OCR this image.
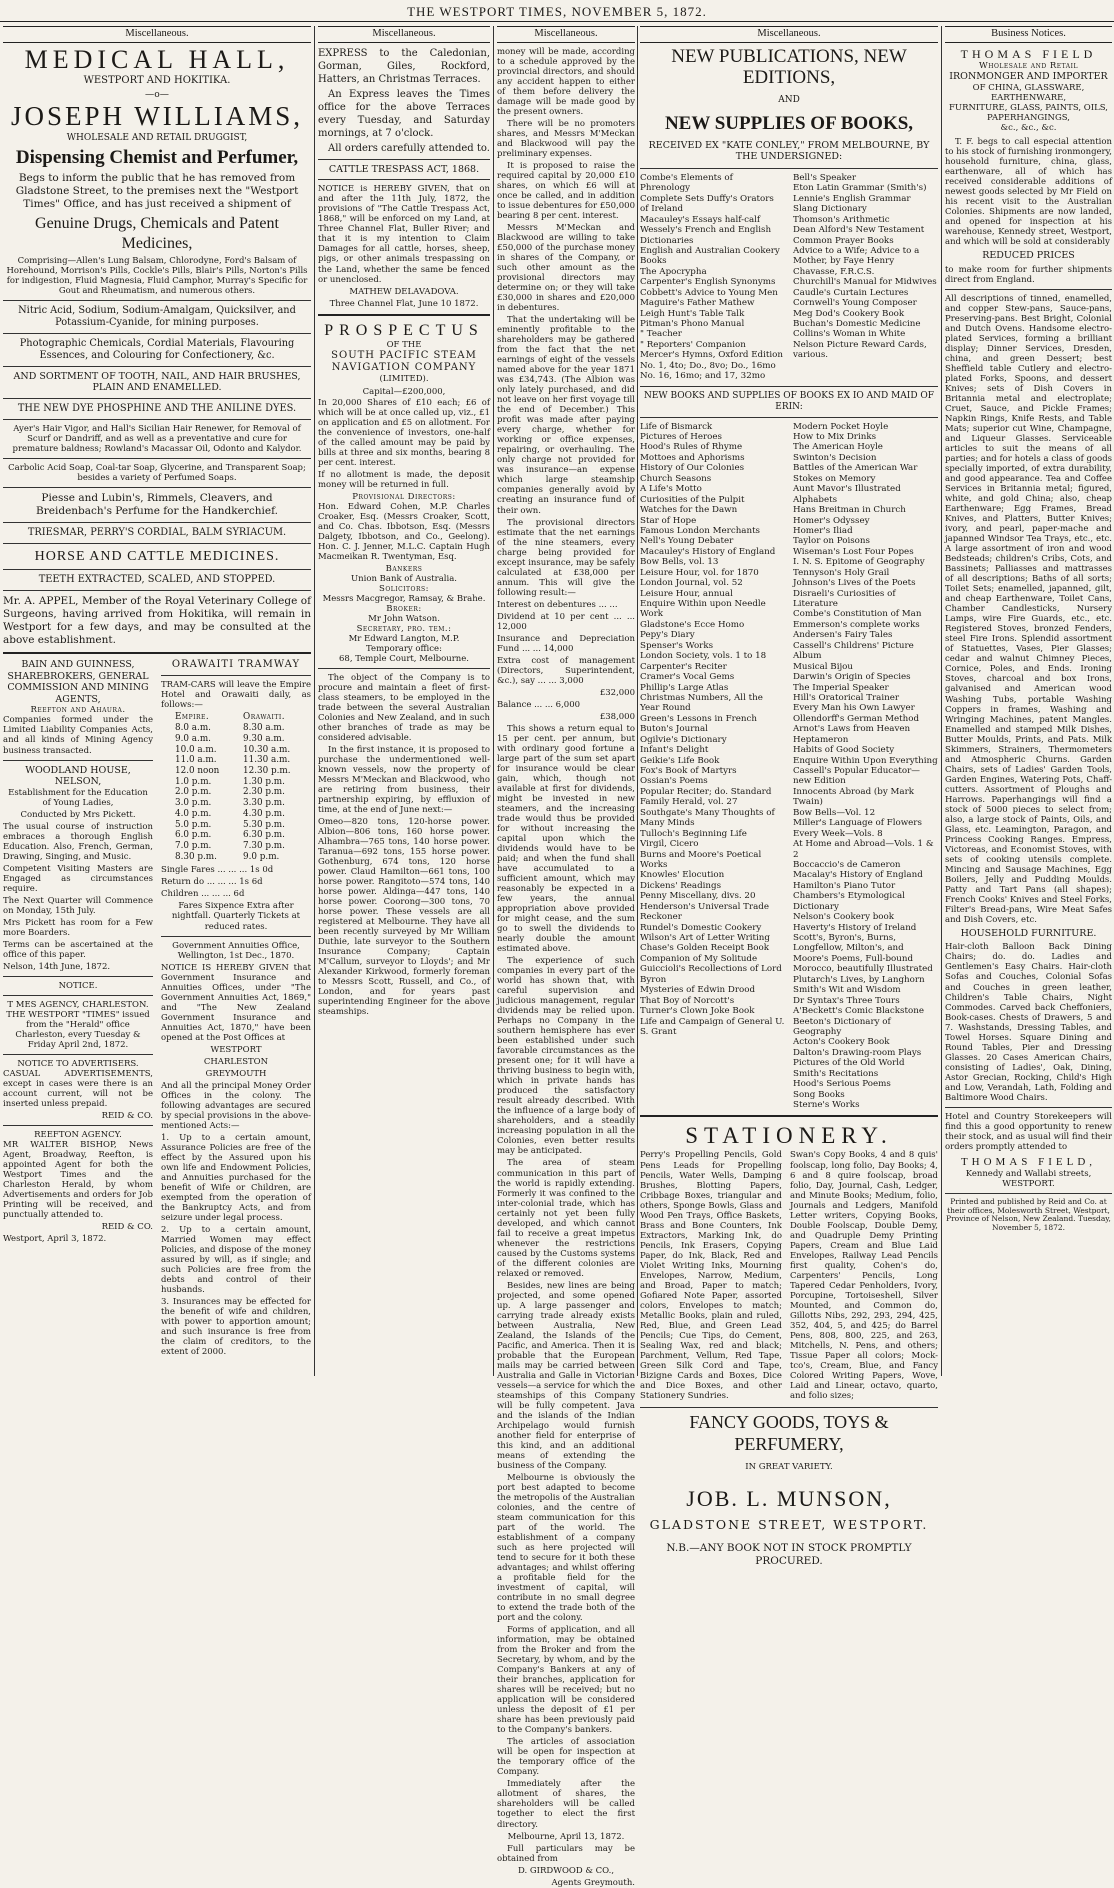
THE WESTPORT TIMES, NOVEMBER 5, 1872.
Miscellaneous.
MEDICAL HALL,
WESTPORT AND HOKITIKA.
—o—
JOSEPH WILLIAMS,
WHOLESALE AND RETAIL DRUGGIST,
Dispensing Chemist and Perfumer,

Begs to inform the public that he has removed from Gladstone Street, to the premises next the "Westport Times" Office, and has just received a shipment of

Genuine Drugs, Chemicals and Patent Medicines,

Comprising—Allen's Lung Balsam, Chlorodyne, Ford's Balsam of Horehound, Morrison's Pills, Cockle's Pills, Blair's Pills, Norton's Pills for indigestion, Fluid Magnesia, Fluid Camphor, Murray's Specific for Gout and Rheumatism, and numerous others.

Nitric Acid, Sodium, Sodium-Amalgam, Quicksilver, and Potassium-Cyanide, for mining purposes.

Photographic Chemicals, Cordial Materials, Flavouring Essences, and Colouring for Confectionery, &c.

AND SORTMENT OF TOOTH, NAIL, AND HAIR BRUSHES, PLAIN AND ENAMELLED.

THE NEW DYE PHOSPHINE AND THE ANILINE DYES.

Ayer's Hair Vigor, and Hall's Sicilian Hair Renewer, for Removal of Scurf or Dandriff, and as well as a preventative and cure for premature baldness; Rowland's Macassar Oil, Odonto and Kalydor.

Carbolic Acid Soap, Coal-tar Soap, Glycerine, and Transparent Soap; besides a variety of Perfumed Soaps.

Piesse and Lubin's, Rimmels, Cleavers, and Breidenbach's Perfume for the Handkerchief.

TRIESMAR, PERRY'S CORDIAL, BALM SYRIACUM.

HORSE AND CATTLE MEDICINES.

TEETH EXTRACTED, SCALED, AND STOPPED.

Mr. A. APPEL, Member of the Royal Veterinary College of Surgeons, having arrived from Hokitika, will remain in Westport for a few days, and may be consulted at the above establishment.

BAIN AND GUINNESS, SHAREBROKERS, GENERAL COMMISSION AND MINING AGENTS,
Reefton and Ahaura.

Companies formed under the Limited Liability Companies Acts, and all kinds of Mining Agency business transacted.

WOODLAND HOUSE, NELSON,

Establishment for the Education of Young Ladies,

Conducted by Mrs Pickett.

The usual course of instruction embraces a thorough English Education. Also, French, German, Drawing, Singing, and Music.

Competent Visiting Masters are Engaged as circumstances require.

The Next Quarter will Commence on Monday, 15th July.

Mrs Pickett has room for a Few more Boarders.

Terms can be ascertained at the office of this paper.

Nelson, 14th June, 1872.

NOTICE.
T MES AGENCY, CHARLESTON.

THE WESTPORT "TIMES" issued from the "Herald" office Charleston, every Tuesday & Friday April 2nd, 1872.

NOTICE TO ADVERTISERS.

CASUAL ADVERTISEMENTS, except in cases were there is an account current, will not be inserted unless prepaid.

REID & CO.

REEFTON AGENCY.

MR WALTER BISHOP, News Agent, Broadway, Reefton, is appointed Agent for both the Westport Times and the Charleston Herald, by whom Advertisements and orders for Job Printing will be received, and punctually attended to.

REID & CO.

Westport, April 3, 1872.

ORAWAITI TRAMWAY

TRAM-CARS will leave the Empire Hotel and Orawaiti daily, as follows:—

Empire.	Orawaiti.
8.0 a.m.	8.30 a.m.
9.0 a.m.	9.30 a.m.
10.0 a.m.	10.30 a.m.
11.0 a.m.	11.30 a.m.
12.0 noon	12.30 p.m.
1.0 p.m.	1.30 p.m.
2.0 p.m.	2.30 p.m.
3.0 p.m.	3.30 p.m.
4.0 p.m.	4.30 p.m.
5.0 p.m.	5.30 p.m.
6.0 p.m.	6.30 p.m.
7.0 p.m.	7.30 p.m.
8.30 p.m.	9.0 p.m.

Single Fares ... ... ... 1s 0d

Return do ... ... ... 1s 6d

Children ... ... ... 6d

Fares Sixpence Extra after nightfall. Quarterly Tickets at reduced rates.

Government Annuities Office, Wellington, 1st Dec., 1870.

NOTICE IS HEREBY GIVEN that Government Insurance and Annuities Offices, under "The Government Annuities Act, 1869," and "The New Zealand Government Insurance and Annuities Act, 1870," have been opened at the Post Offices at

WESTPORT

CHARLESTON

GREYMOUTH

And all the principal Money Order Offices in the colony. The following advantages are secured by special provisions in the above-mentioned Acts:—

1. Up to a certain amount, Assurance Policies are free of the effect by the Assured upon his own life and Endowment Policies, and Annuities purchased for the benefit of Wife or Children, are exempted from the operation of the Bankruptcy Acts, and from seizure under legal process.

2. Up to a certain amount, Married Women may effect Policies, and dispose of the money assured by will, as if single; and such Policies are free from the debts and control of their husbands.

3. Insurances may be effected for the benefit of wife and children, with power to apportion amount; and such insurance is free from the claim of creditors, to the extent of 2000.

Miscellaneous.

EXPRESS to the Caledonian, Gorman, Giles, Rockford, Hatters, an Christmas Terraces.

An Express leaves the Times office for the above Terraces every Tuesday, and Saturday mornings, at 7 o'clock.

All orders carefully attended to.

CATTLE TRESPASS ACT, 1868.

NOTICE is HEREBY GIVEN, that on and after the 11th July, 1872, the provisions of "The Cattle Trespass Act, 1868," will be enforced on my Land, at Three Channel Flat, Buller River; and that it is my intention to Claim Damages for all cattle, horses, sheep, pigs, or other animals trespassing on the Land, whether the same be fenced or unenclosed.

MATHEW DELAVADOVA.

Three Channel Flat, June 10 1872.

PROSPECTUS
OF THE
SOUTH PACIFIC STEAM NAVIGATION COMPANY
(LIMITED).
Capital—£200,000,

In 20,000 Shares of £10 each; £6 of which will be at once called up, viz., £1 on application and £5 on allotment. For the convenience of investors, one-half of the called amount may be paid by bills at three and six months, bearing 8 per cent. interest.

If no allotment is made, the deposit money will be returned in full.

Provisional Directors:

Hon. Edward Cohen, M.P. Charles Croaker, Esq. (Messrs Croaker, Scott, and Co. Chas. Ibbotson, Esq. (Messrs Dalgety, Ibbotson, and Co., Geelong). Hon. C. J. Jenner, M.L.C. Captain Hugh Macmeikan R. Twentyman, Esq.

Bankers
Union Bank of Australia.
Solicitors:
Messrs Macgregor, Ramsay, & Brahe.
Broker:
Mr John Watson.
Secretary, pro. tem.:
Mr Edward Langton, M.P.
Temporary office:
68, Temple Court, Melbourne.

The object of the Company is to procure and maintain a fleet of first-class steamers, to be employed in the trade between the several Australian Colonies and New Zealand, and in such other branches of trade as may be considered advisable.

In the first instance, it is proposed to purchase the undermentioned well-known vessels, now the property of Messrs M'Meckan and Blackwood, who are retiring from business, their partnership expiring, by effluxion of time, at the end of June next:—

Omeo—820 tons, 120-horse power. Albion—806 tons, 160 horse power. Alhambra—765 tons, 140 horse power. Taranua—692 tons, 155 horse power. Gothenburg, 674 tons, 120 horse power. Claud Hamilton—661 tons, 100 horse power. Rangitoto—574 tons, 140 horse power. Aldinga—447 tons, 140 horse power. Coorong—300 tons, 70 horse power. These vessels are all registered at Melbourne. They have all been recently surveyed by Mr William Duthie, late surveyor to the Southern Insurance Company; Captain M'Callum, surveyor to Lloyds'; and Mr Alexander Kirkwood, formerly foreman to Messrs Scott, Russell, and Co., of London, and for years past superintending Engineer for the above steamships.

Miscellaneous.

money will be made, according to a schedule approved by the provincial directors, and should any accident happen to either of them before delivery the damage will be made good by the present owners.

There will be no promoters shares, and Messrs M'Meckan and Blackwood will pay the preliminary expenses.

It is proposed to raise the required capital by 20,000 £10 shares, on which £6 will at once be called, and in addition to issue debentures for £50,000 bearing 8 per cent. interest.

Messrs M'Meckan and Blackwood are willing to take £50,000 of the purchase money in shares of the Company, or such other amount as the provisional directors may determine on; or they will take £30,000 in shares and £20,000 in debentures.

That the undertaking will be eminently profitable to the shareholders may be gathered from the fact that the net earnings of eight of the vessels named above for the year 1871 was £34,743. (The Albion was only lately purchased, and did not leave on her first voyage till the end of December.) This profit was made after paying every charge, whether for working or office expenses, repairing, or overhauling. The only charge not provided for was insurance—an expense which large steamship companies generally avoid by creating an insurance fund of their own.

The provisional directors estimate that the net earnings of the nine steamers, every charge being provided for except insurance, may be safely calculated at £38,000 per annum. This will give the following result:—

Interest on debentures ... ...

Dividend at 10 per cent ... ... 12,000

Insurance and Depreciation Fund ... ... 14,000

Extra cost of management (Directors, Superintendent, &c.), say ... ... 3,000

£32,000

Balance ... ... 6,000

£38,000

This shows a return equal to 15 per cent. per annum, but with ordinary good fortune a large part of the sum set apart for insurance would be clear gain, which, though not available at first for dividends, might be invested in new steamers, and the increasing trade would thus be provided for without increasing the capital upon which the dividends would have to be paid; and when the fund shall have accumulated to a sufficient amount, which may reasonably be expected in a few years, the annual appropriation above provided for might cease, and the sum go to swell the dividends to nearly double the amount estimated above.

The experience of such companies in every part of the world has shown that, with careful supervision and judicious management, regular dividends may be relied upon. Perhaps no Company in the southern hemisphere has ever been established under such favorable circumstances as the present one; for it will have a thriving business to begin with, which in private hands has produced the satisfactory result already described. With the influence of a large body of shareholders, and a steadily increasing population in all the Colonies, even better results may be anticipated.

The area of steam communication in this part of the world is rapidly extending. Formerly it was confined to the inter-colonial trade, which has certainly not yet been fully developed, and which cannot fail to receive a great impetus whenever the restrictions caused by the Customs systems of the different colonies are relaxed or removed.

Besides, new lines are being projected, and some opened up. A large passenger and carrying trade already exists between Australia, New Zealand, the Islands of the Pacific, and America. Then it is probable that the European mails may be carried between Australia and Galle in Victorian vessels—a service for which the steamships of this Company will be fully competent. Java and the islands of the Indian Archipelago would furnish another field for enterprise of this kind, and an additional means of extending the business of the Company.

Melbourne is obviously the port best adapted to become the metropolis of the Australian colonies, and the centre of steam communication for this part of the world. The establishment of a company such as here projected will tend to secure for it both these advantages; and whilst offering a profitable field for the investment of capital, will contribute in no small degree to extend the trade both of the port and the colony.

Forms of application, and all information, may be obtained from the Broker and from the Secretary, by whom, and by the Company's Bankers at any of their branches, application for shares will be received; but no application will be considered unless the deposit of £1 per share has been previously paid to the Company's bankers.

The articles of association will be open for inspection at the temporary office of the Company.

Immediately after the allotment of shares, the shareholders will be called together to elect the first directory.

Melbourne, April 13, 1872.

Full particulars may be obtained from

D. GIRDWOOD & CO.,

Agents Greymouth.

Miscellaneous.
NEW PUBLICATIONS, NEW EDITIONS,
AND
NEW SUPPLIES OF BOOKS,

RECEIVED EX "KATE CONLEY," FROM MELBOURNE, BY THE UNDERSIGNED:

Combe's Elements of Phrenology
Complete Sets Duffy's Orators of Ireland
Macauley's Essays half-calf
Wessely's French and English Dictionaries
English and Australian Cookery Books
The Apocrypha
Carpenter's English Synonyms
Cobbett's Advice to Young Men
Maguire's Father Mathew
Leigh Hunt's Table Talk
Pitman's Phono Manual
" Teacher
" Reporters' Companion
Mercer's Hymns, Oxford Edition
No. 1, 4to; Do., 8vo; Do., 16mo
No. 16, 16mo; and 17, 32mo
Bell's Speaker
Eton Latin Grammar (Smith's)
Lennie's English Grammar
Slang Dictionary
Thomson's Arithmetic
Dean Alford's New Testament
Common Prayer Books
Advice to a Wife; Advice to a Mother, by Faye Henry Chavasse, F.R.C.S.
Churchill's Manual for Midwives
Caudle's Curtain Lectures
Cornwell's Young Composer
Meg Dod's Cookery Book
Buchan's Domestic Medicine
Collins's Woman in White
Nelson Picture Reward Cards, various.

NEW BOOKS AND SUPPLIES OF BOOKS EX IO AND MAID OF ERIN:

Life of Bismarck
Pictures of Heroes
Hood's Rules of Rhyme
Mottoes and Aphorisms
History of Our Colonies
Church Seasons
A Life's Motto
Curiosities of the Pulpit
Watches for the Dawn
Star of Hope
Famous London Merchants
Nell's Young Debater
Macauley's History of England
Bow Bells, vol. 13
Leisure Hour, vol. for 1870
London Journal, vol. 52
Leisure Hour, annual
Enquire Within upon Needle Work
Gladstone's Ecce Homo
Pepy's Diary
Spenser's Works
London Society, vols. 1 to 18
Carpenter's Reciter
Cramer's Vocal Gems
Phillip's Large Atlas
Christmas Numbers, All the Year Round
Green's Lessons in French
Buton's Journal
Ogilvie's Dictionary
Infant's Delight
Geikie's Life Book
Fox's Book of Martyrs
Ossian's Poems
Popular Reciter; do. Standard
Family Herald, vol. 27
Southgate's Many Thoughts of Many Minds
Tulloch's Beginning Life
Virgil, Cicero
Burns and Moore's Poetical Works
Knowles' Elocution
Dickens' Readings
Penny Miscellany, divs. 20
Henderson's Universal Trade Reckoner
Rundel's Domestic Cookery
Wilson's Art of Letter Writing
Chase's Golden Receipt Book
Companion of My Solitude
Guiccioli's Recollections of Lord Byron
Mysteries of Edwin Drood
That Boy of Norcott's
Turner's Clown Joke Book
Life and Campaign of General U. S. Grant
Modern Pocket Hoyle
How to Mix Drinks
The American Hoyle
Swinton's Decision
Battles of the American War
Stokes on Memory
Aunt Mavor's Illustrated Alphabets
Hans Breitman in Church
Homer's Odyssey
Homer's Iliad
Taylor on Poisons
Wiseman's Lost Four Popes
I. N. S. Epitome of Geography
Tennyson's Holy Grail
Johnson's Lives of the Poets
Disraeli's Curiosities of Literature
Combe's Constitution of Man
Emmerson's complete works
Andersen's Fairy Tales
Cassell's Childrens' Picture Album
Musical Bijou
Darwin's Origin of Species
The Imperial Speaker
Hill's Oratorical Trainer
Every Man his Own Lawyer
Ollendorff's German Method
Arnot's Laws from Heaven
Heptameron
Habits of Good Society
Enquire Within Upon Everything
Cassell's Popular Educator—new Edition
Innocents Abroad (by Mark Twain)
Bow Bells—Vol. 12
Miller's Language of Flowers
Every Week—Vols. 8
At Home and Abroad—Vols. 1 & 2
Boccaccio's de Cameron
Macalay's History of England
Hamilton's Piano Tutor
Chambers's Etymological Dictionary
Nelson's Cookery book
Haverty's History of Ireland
Scott's, Byron's, Burns, Longfellow, Milton's, and Moore's Poems, Full-bound Morocco, beautifully Illustrated
Plutarch's Lives, by Langhorn
Smith's Wit and Wisdom
Dr Syntax's Three Tours
A'Beckett's Comic Blackstone
Beeton's Dictionary of Geography
Acton's Cookery Book
Dalton's Drawing-room Plays
Pictures of the Old World
Smith's Recitations
Hood's Serious Poems
Song Books
Sterne's Works
STATIONERY.

Perry's Propelling Pencils, Gold Pens Leads for Propelling Pencils, Water Wells, Damping Brushes, Blotting Papers, Cribbage Boxes, triangular and others, Sponge Bowls, Glass and Wood Pen Trays, Office Baskets, Brass and Bone Counters, Ink Extractors, Marking Ink, do Pencils, Ink Erasers, Copying Paper, do Ink, Black, Red and Violet Writing Inks, Mourning Envelopes, Narrow, Medium, and Broad, Paper to match; Gofiared Note Paper, assorted colors, Envelopes to match; Metallic Books, plain and ruled, Red, Blue, and Green Lead Pencils; Cue Tips, do Cement, Sealing Wax, red and black; Parchment, Vellum, Red Tape, Green Silk Cord and Tape, Bizigne Cards and Boxes, Dice and Dice Boxes, and other Stationery Sundries.

Swan's Copy Books, 4 and 8 quis' foolscap, long folio, Day Books; 4, 6 and 8 quire foolscap, broad folio, Day, Journal, Cash, Ledger, and Minute Books; Medium, folio, Journals and Ledgers, Manifold Letter writers, Copying Books, Double Foolscap, Double Demy, and Quadruple Demy Printing Papers, Cream and Blue Laid Envelopes, Railway Lead Pencils first quality, Cohen's do, Carpenters' Pencils, Long Tapered Cedar Penholders, Ivory, Porcupine, Tortoiseshell, Silver Mounted, and Common do, Gillotts Nibs, 292, 293, 294, 425, 352, 404, 5, and 425; do Barrel Pens, 808, 800, 225, and 263, Mitchells, N. Pens, and others; Tissue Paper all colors; Mock-tco's, Cream, Blue, and Fancy Colored Writing Papers, Wove, Laid and Linear, octavo, quarto, and folio sizes;

FANCY GOODS, TOYS & PERFUMERY,
IN GREAT VARIETY.
JOB. L. MUNSON,
GLADSTONE STREET, WESTPORT.
N.B.—ANY BOOK NOT IN STOCK PROMPTLY PROCURED.
Business Notices.
THOMAS FIELD
Wholesale and Retail
IRONMONGER AND IMPORTER
OF CHINA, GLASSWARE,
EARTHENWARE,
FURNITURE, GLASS, PAINTS, OILS,
PAPERHANGINGS,
&c., &c., &c.

T. F. begs to call especial attention to his stock of furnishing ironmongery, household furniture, china, glass, earthenware, all of which has received considerable additions of newest goods selected by Mr Field on his recent visit to the Australian Colonies. Shipments are now landed, and opened for inspection at his warehouse, Kennedy street, Westport, and which will be sold at considerably

REDUCED PRICES

to make room for further shipments direct from England.

All descriptions of tinned, enamelled, and copper Stew-pans, Sauce-pans, Preserving-pans. Best Bright, Colonial and Dutch Ovens. Handsome electro-plated Services, forming a brilliant display; Dinner Services, Dresden, china, and green Dessert; best Sheffield table Cutlery and electro-plated Forks, Spoons, and dessert Knives; sets of Dish Covers in Britannia metal and electroplate; Cruet, Sauce, and Pickle Frames; Napkin Rings, Knife Rests, and Table Mats; superior cut Wine, Champagne, and Liqueur Glasses. Serviceable articles to suit the means of all parties; and for hotels a class of goods specially imported, of extra durability, and good appearance. Tea and Coffee Services in Britannia metal; figured, white, and gold China; also, cheap Earthenware; Egg Frames, Bread Knives, and Platters, Butter Knives; ivory, and pearl, paper-mache and japanned Windsor Tea Trays, etc., etc. A large assortment of iron and wood Bedsteads; children's Cribs, Cots, and Bassinets; Palliasses and mattrasses of all descriptions; Baths of all sorts; Toilet Sets; enamelled, japanned, gilt, and cheap Earthenware, Toilet Cans, Chamber Candlesticks, Nursery Lamps, wire Fire Guards, etc., etc. Registered Stoves, bronzed Fenders, steel Fire Irons. Splendid assortment of Statuettes, Vases, Pier Glasses; cedar and walnut Chimney Pieces, Cornice, Poles, and Ends. Ironing Stoves, charcoal and box Irons, galvanised and American wood Washing Tubs, portable Washing Coppers in frames, Washing and Wringing Machines, patent Mangles. Enamelled and stamped Milk Dishes, Butter Moulds, Prints, and Pats. Milk Skimmers, Strainers, Thermometers and Atmospheric Churns. Garden Chairs, sets of Ladies' Garden Tools, Garden Engines, Watering Pots, Chaff-cutters. Assortment of Ploughs and Harrows. Paperhangings will find a stock of 5000 pieces to select from; also, a large stock of Paints, Oils, and Glass, etc. Leamington, Paragon, and Princess Cooking Ranges. Empress, Victoreas, and Economist Stoves, with sets of cooking utensils complete. Mincing and Sausage Machines, Egg Boilers, Jelly and Pudding Moulds. Patty and Tart Pans (all shapes); French Cooks' Knives and Steel Forks, Filter's Bread-pans, Wire Meat Safes and Dish Covers, etc.

HOUSEHOLD FURNITURE.

Hair-cloth Balloon Back Dining Chairs; do. do. Ladies and Gentlemen's Easy Chairs. Hair-cloth Sofas and Couches, Colonial Sofas and Couches in green leather, Children's Table Chairs, Night Commodes. Carved back Cheffoniers, Book-cases. Chests of Drawers, 5 and 7. Washstands, Dressing Tables, and Towel Horses. Square Dining and Round Tables, Pier and Dressing Glasses. 20 Cases American Chairs, consisting of Ladies', Oak, Dining, Astor Grecian, Rocking, Child's High and Low, Verandah, Lath, Folding and Baltimore Wood Chairs.

Hotel and Country Storekeepers will find this a good opportunity to renew their stock, and as usual will find their orders promptly attended to

THOMAS FIELD,
Kennedy and Wallabi streets,
WESTPORT.

Printed and published by Reid and Co. at their offices, Molesworth Street, Westport, Province of Nelson, New Zealand. Tuesday, November 5, 1872.
